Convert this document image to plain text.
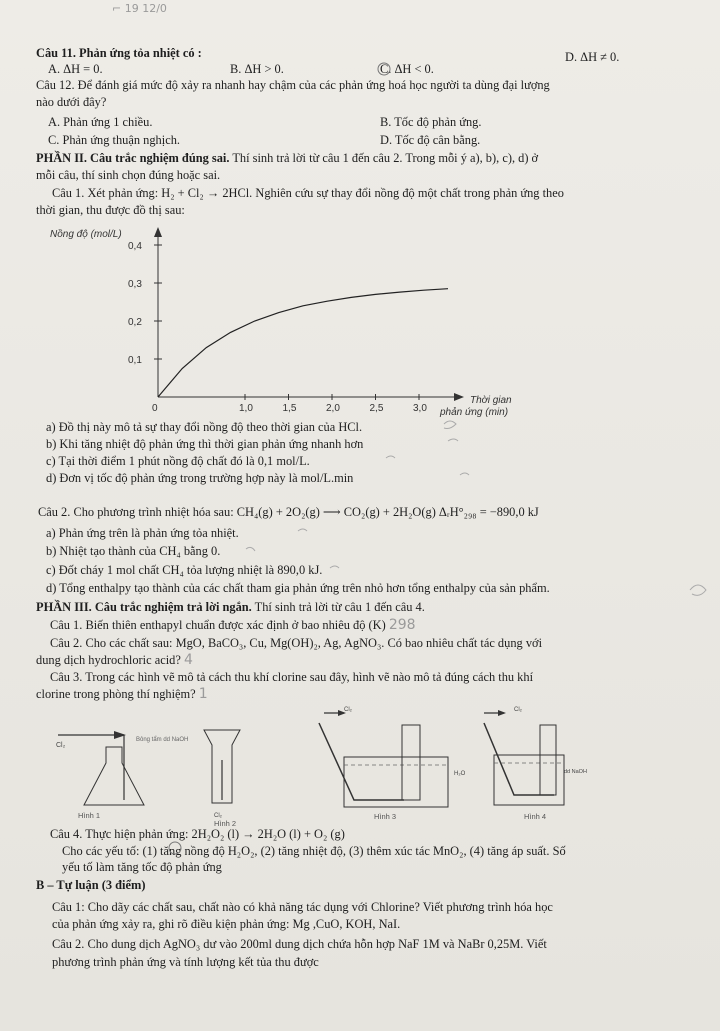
⌐ 19 12/0
Câu 11. Phản ứng tỏa nhiệt có :
A. ΔH = 0.	B. ΔH > 0.	C. ΔH < 0.
D. ΔH ≠ 0.
Câu 12. Để đánh giá mức độ xảy ra nhanh hay chậm của các phản ứng hoá học người ta dùng đại lượng
nào dưới đây?
A. Phản ứng 1 chiều.	B. Tốc độ phản ứng.
C. Phản ứng thuận nghịch.	D. Tốc độ cân bằng.
PHẦN II. Câu trắc nghiệm đúng sai. Thí sinh trả lời từ câu 1 đến câu 2. Trong mỗi ý a), b), c), d) ở
mỗi câu, thí sinh chọn đúng hoặc sai.
Câu 1. Xét phản ứng: H₂ + Cl₂ → 2HCl. Nghiên cứu sự thay đổi nồng độ một chất trong phản ứng theo
thời gian, thu được đồ thị sau:
Nồng độ (mol/L)
0	1,0	1,5	2,0	2,5	3,0
0,1
0,2
0,3
0,4
Thời gian
phản ứng (min)
a) Đồ thị này mô tả sự thay đổi nồng độ theo thời gian của HCl.
b) Khi tăng nhiệt độ phản ứng thì thời gian phản ứng nhanh hơn
c) Tại thời điểm 1 phút nồng độ chất đó là 0,1 mol/L.
d) Đơn vị tốc độ phản ứng trong trường hợp này là mol/L.min
Câu 2. Cho phương trình nhiệt hóa sau: CH₄(g) + 2O₂(g) ⟶ CO₂(g) + 2H₂O(g) ΔᵣH°₂₉₈ = −890,0 kJ
a) Phản ứng trên là phản ứng tỏa nhiệt.
b) Nhiệt tạo thành của CH₄ bằng 0.
c) Đốt cháy 1 mol chất CH₄ tỏa lượng nhiệt là 890,0 kJ.
d) Tổng enthalpy tạo thành của các chất tham gia phản ứng trên nhỏ hơn tổng enthalpy của sản phẩm.
PHẦN III. Câu trắc nghiệm trả lời ngắn. Thí sinh trả lời từ câu 1 đến câu 4.
Câu 1. Biến thiên enthapyl chuẩn được xác định ở bao nhiêu độ (K) 298
Câu 2. Cho các chất sau: MgO, BaCO₃, Cu, Mg(OH)₂, Ag, AgNO₃. Có bao nhiêu chất tác dụng với
dung dịch hydrochloric acid? 4
Câu 3. Trong các hình vẽ mô tả cách thu khí clorine sau đây, hình vẽ nào mô tả đúng cách thu khí
clorine trong phòng thí nghiệm? 1
Cl₂
Bông tẩm dd NaOH
Hình 1	Cl₂
Hình 2
Cl₂
H₂O
Hình 3
Cl₂
dd NaOH
Hình 4
Câu 4. Thực hiện phản ứng: 2H₂O₂ (l) → 2H₂O (l) + O₂ (g)
Cho các yếu tố: (1) tăng nồng độ H₂O₂, (2) tăng nhiệt độ, (3) thêm xúc tác MnO₂, (4) tăng áp suất. Số
yếu tố làm tăng tốc độ phản ứng
B – Tự luận (3 điểm)
Câu 1: Cho dãy các chất sau, chất nào có khả năng tác dụng với Chlorine? Viết phương trình hóa học
của phản ứng xảy ra, ghi rõ điều kiện phản ứng: Mg ,CuO, KOH, NaI.
Câu 2. Cho dung dịch AgNO₃ dư vào 200ml dung dịch chứa hỗn hợp NaF 1M và NaBr 0,25M. Viết
phương trình phản ứng và tính lượng kết tủa thu được
